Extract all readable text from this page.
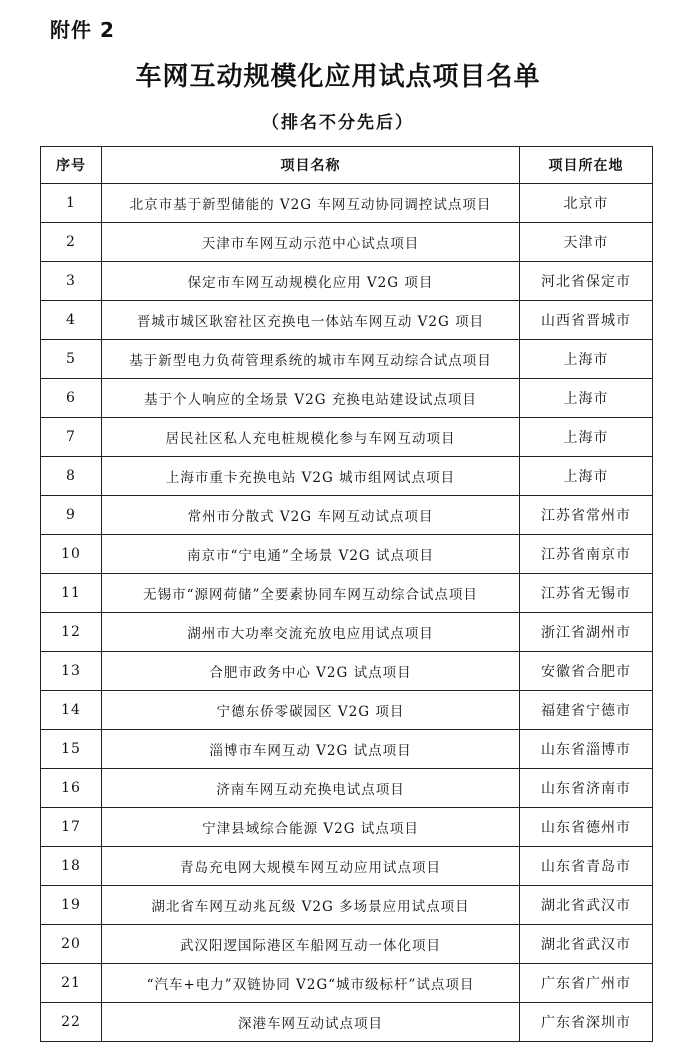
附件 2
车网互动规模化应用试点项目名单
（排名不分先后）
序号	项目名称	项目所在地
1	北京市基于新型储能的 V2G 车网互动协同调控试点项目	北京市
2	天津市车网互动示范中心试点项目	天津市
3	保定市车网互动规模化应用 V2G 项目	河北省保定市
4	晋城市城区耿窑社区充换电一体站车网互动 V2G 项目	山西省晋城市
5	基于新型电力负荷管理系统的城市车网互动综合试点项目	上海市
6	基于个人响应的全场景 V2G 充换电站建设试点项目	上海市
7	居民社区私人充电桩规模化参与车网互动项目	上海市
8	上海市重卡充换电站 V2G 城市组网试点项目	上海市
9	常州市分散式 V2G 车网互动试点项目	江苏省常州市
10	南京市“宁电通”全场景 V2G 试点项目	江苏省南京市
11	无锡市“源网荷储”全要素协同车网互动综合试点项目	江苏省无锡市
12	湖州市大功率交流充放电应用试点项目	浙江省湖州市
13	合肥市政务中心 V2G 试点项目	安徽省合肥市
14	宁德东侨零碳园区 V2G 项目	福建省宁德市
15	淄博市车网互动 V2G 试点项目	山东省淄博市
16	济南车网互动充换电试点项目	山东省济南市
17	宁津县域综合能源 V2G 试点项目	山东省德州市
18	青岛充电网大规模车网互动应用试点项目	山东省青岛市
19	湖北省车网互动兆瓦级 V2G 多场景应用试点项目	湖北省武汉市
20	武汉阳逻国际港区车船网互动一体化项目	湖北省武汉市
21	“汽车+电力”双链协同 V2G“城市级标杆”试点项目	广东省广州市
22	深港车网互动试点项目	广东省深圳市
